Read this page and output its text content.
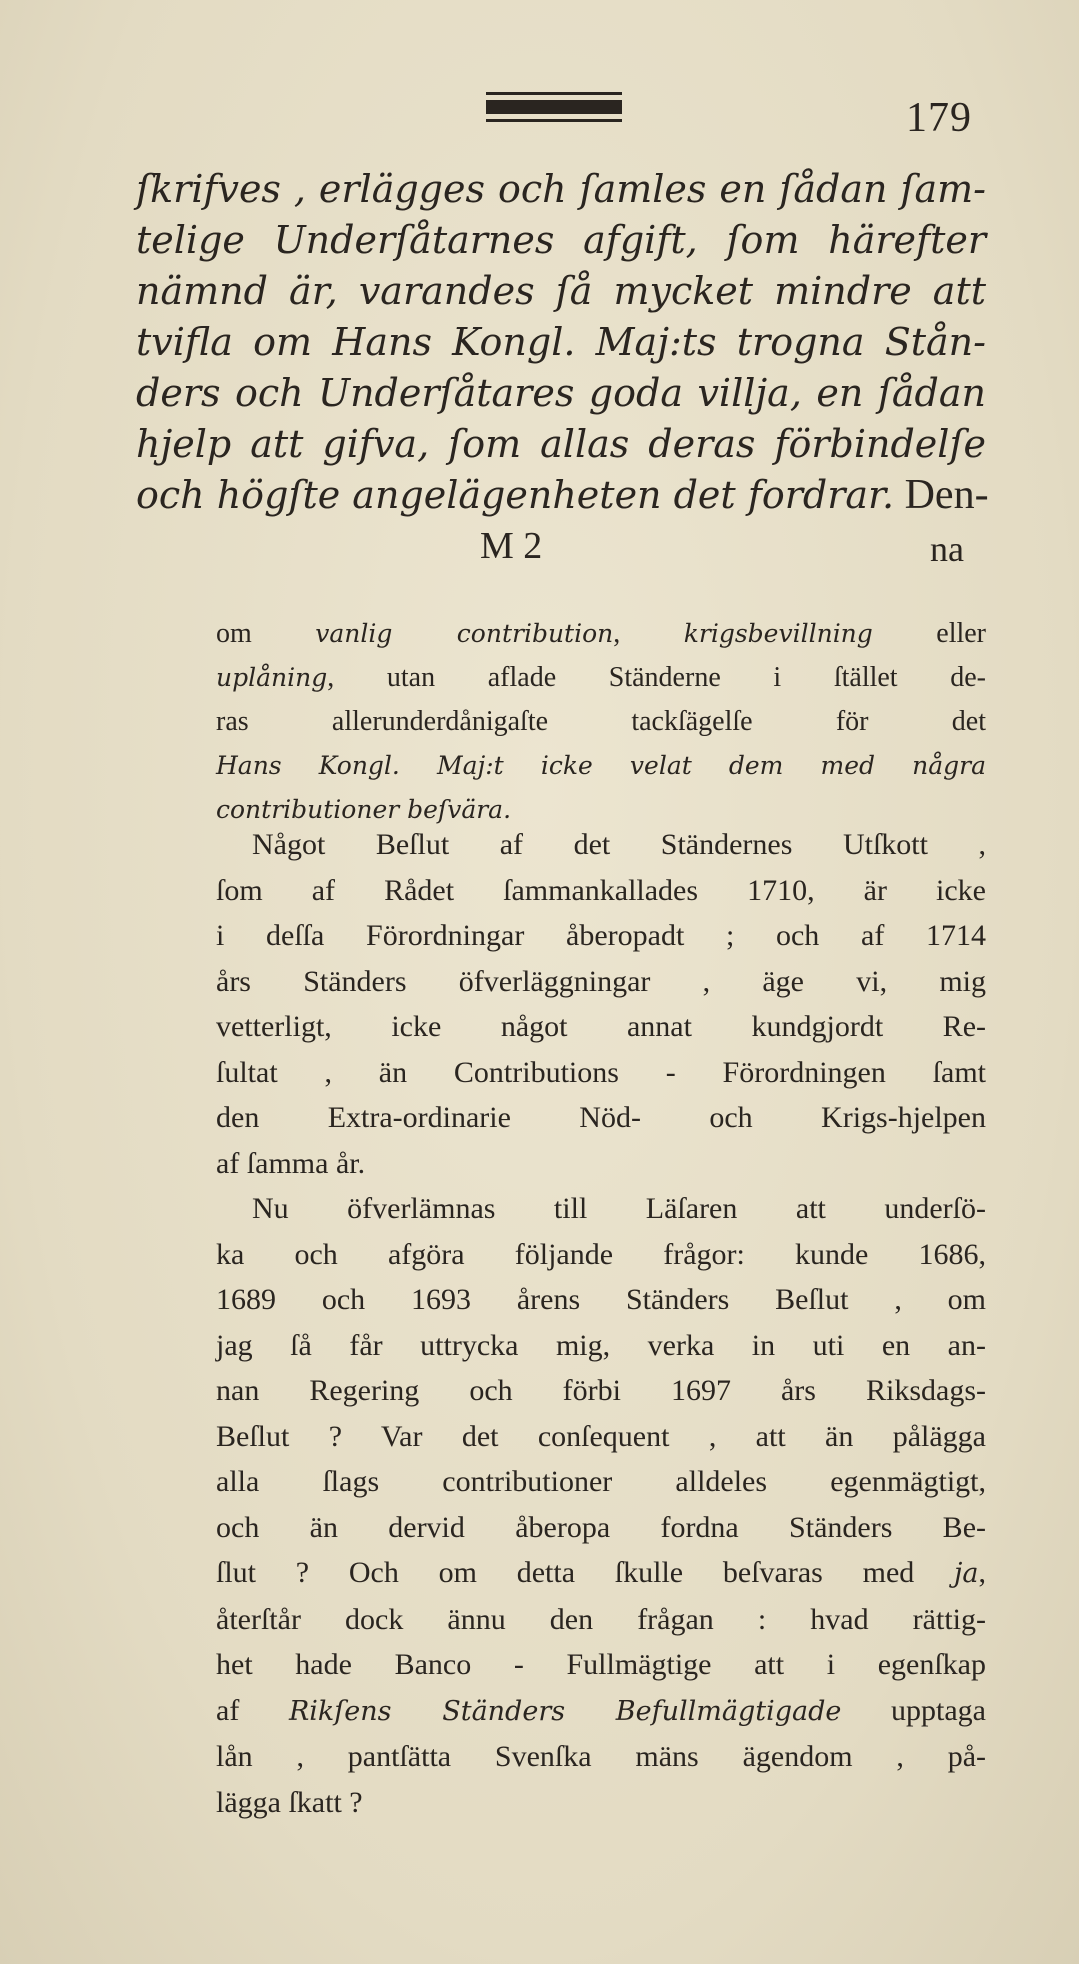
179
ſkrifves , erlägges och ſamles en ſådan ſam-
telige Underſåtarnes afgift, ſom härefter
nämnd är, varandes ſå mycket mindre att
tvifla om Hans Kongl. Maj:ts trogna Stån-
ders och Underſåtares goda villja, en ſådan
hjelp att gifva, ſom allas deras förbindelſe
och högſte angelägenheten det fordrar. Den-
M 2	na
om vanlig contribution, krigsbevillning eller
uplåning, utan aflade Ständerne i ſtället de-
ras allerunderdånigaſte tackſägelſe för det
Hans Kongl. Maj:t icke velat dem med några
contributioner beſvära.
Något Beſlut af det Ständernes Utſkott ,
ſom af Rådet ſammankallades 1710, är icke
i deſſa Förordningar åberopadt ; och af 1714
års Ständers öfverläggningar , äge vi, mig
vetterligt, icke något annat kundgjordt Re-
ſultat , än Contributions - Förordningen ſamt
den Extra-ordinarie Nöd- och Krigs-hjelpen
af ſamma år.
Nu öfverlämnas till Läſaren att underſö-
ka och afgöra följande frågor: kunde 1686,
1689 och 1693 årens Ständers Beſlut , om
jag ſå får uttrycka mig, verka in uti en an-
nan Regering och förbi 1697 års Riksdags-
Beſlut ? Var det conſequent , att än pålägga
alla ſlags contributioner alldeles egenmägtigt,
och än dervid åberopa fordna Ständers Be-
ſlut ? Och om detta ſkulle beſvaras med ja,
återſtår dock ännu den frågan : hvad rättig-
het hade Banco - Fullmägtige att i egenſkap
af Rikſens Ständers Befullmägtigade upptaga
lån , pantſätta Svenſka mäns ägendom , på-
lägga ſkatt ?
